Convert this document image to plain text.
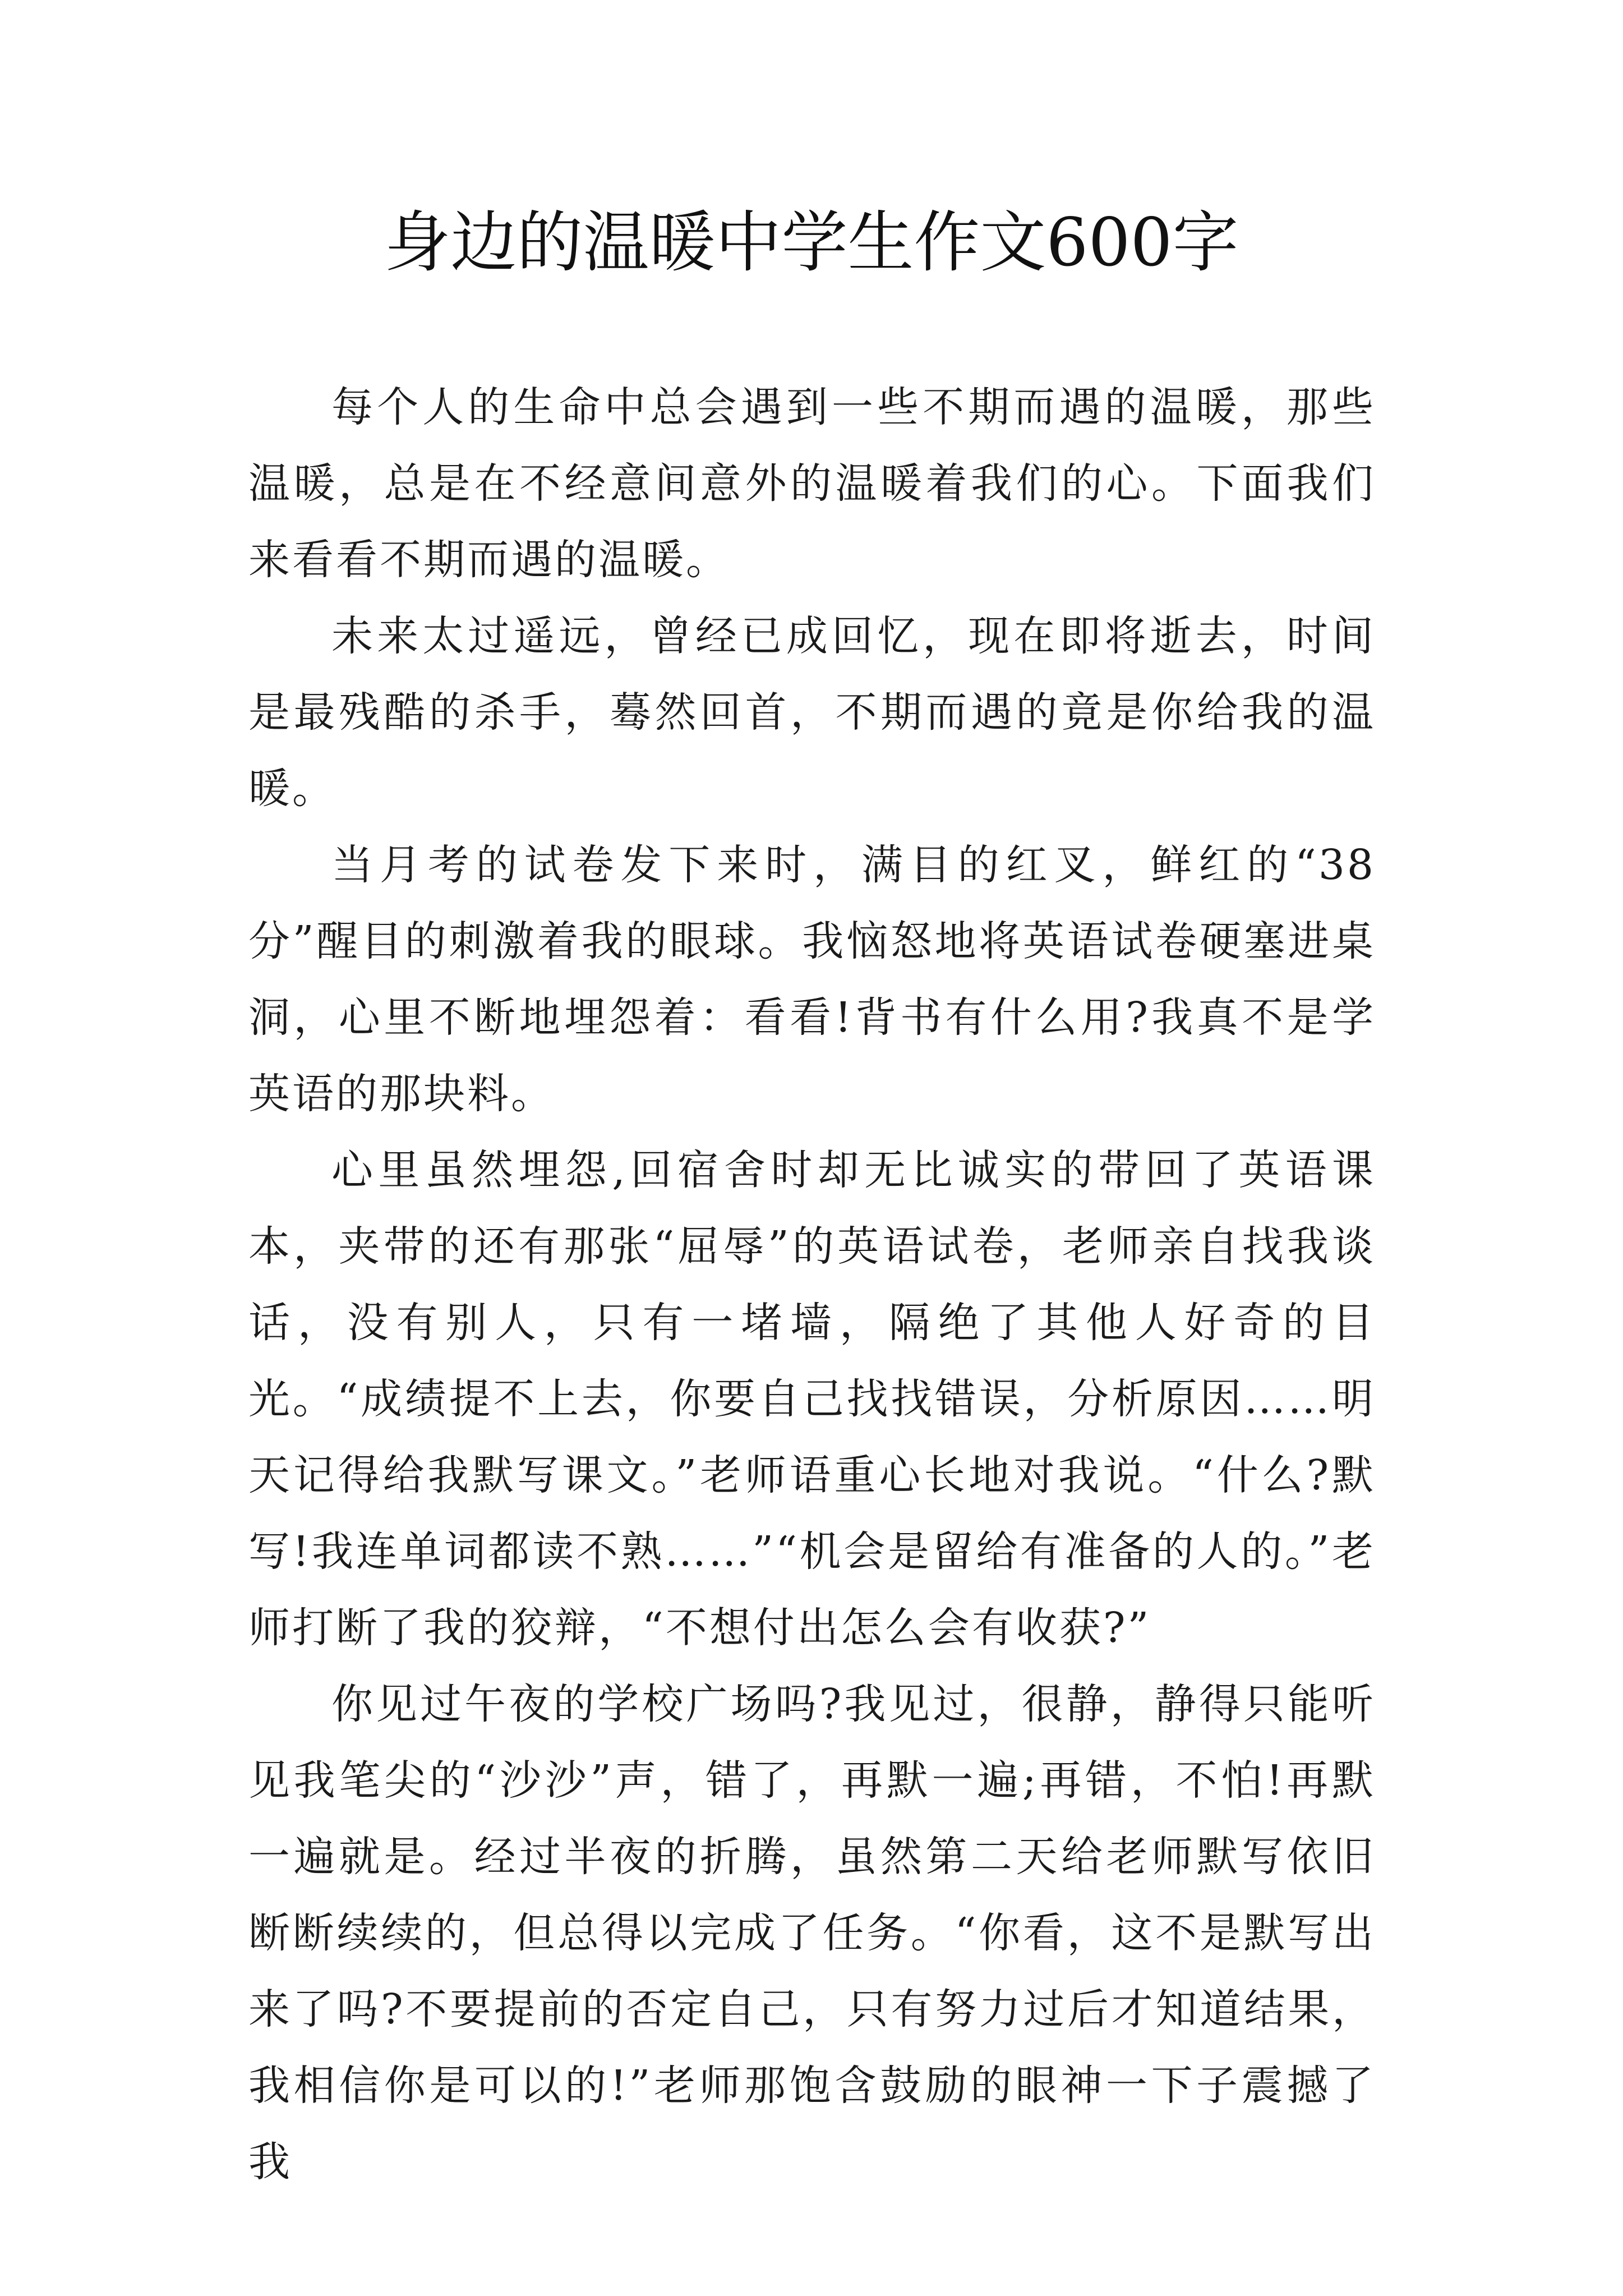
身边的温暖中学生作文600字

每个人的生命中总会遇到一些不期而遇的温暖，那些温暖，总是在不经意间意外的温暖着我们的心。下面我们来看看不期而遇的温暖。

未来太过遥远，曾经已成回忆，现在即将逝去，时间是最残酷的杀手，蓦然回首，不期而遇的竟是你给我的温暖。

当月考的试卷发下来时，满目的红叉，鲜红的“38分”醒目的刺激着我的眼球。我恼怒地将英语试卷硬塞进桌洞，心里不断地埋怨着：看看!背书有什么用?我真不是学英语的那块料。

心里虽然埋怨,回宿舍时却无比诚实的带回了英语课本，夹带的还有那张“屈辱”的英语试卷，老师亲自找我谈话，没有别人，只有一堵墙，隔绝了其他人好奇的目光。“成绩提不上去，你要自己找找错误，分析原因……明天记得给我默写课文。”老师语重心长地对我说。“什么?默写!我连单词都读不熟……”“机会是留给有准备的人的。”老师打断了我的狡辩，“不想付出怎么会有收获?”

你见过午夜的学校广场吗?我见过，很静，静得只能听见我笔尖的“沙沙”声，错了，再默一遍;再错，不怕!再默一遍就是。经过半夜的折腾，虽然第二天给老师默写依旧断断续续的，但总得以完成了任务。“你看，这不是默写出来了吗?不要提前的否定自己，只有努力过后才知道结果，我相信你是可以的!”老师那饱含鼓励的眼神一下子震撼了我
